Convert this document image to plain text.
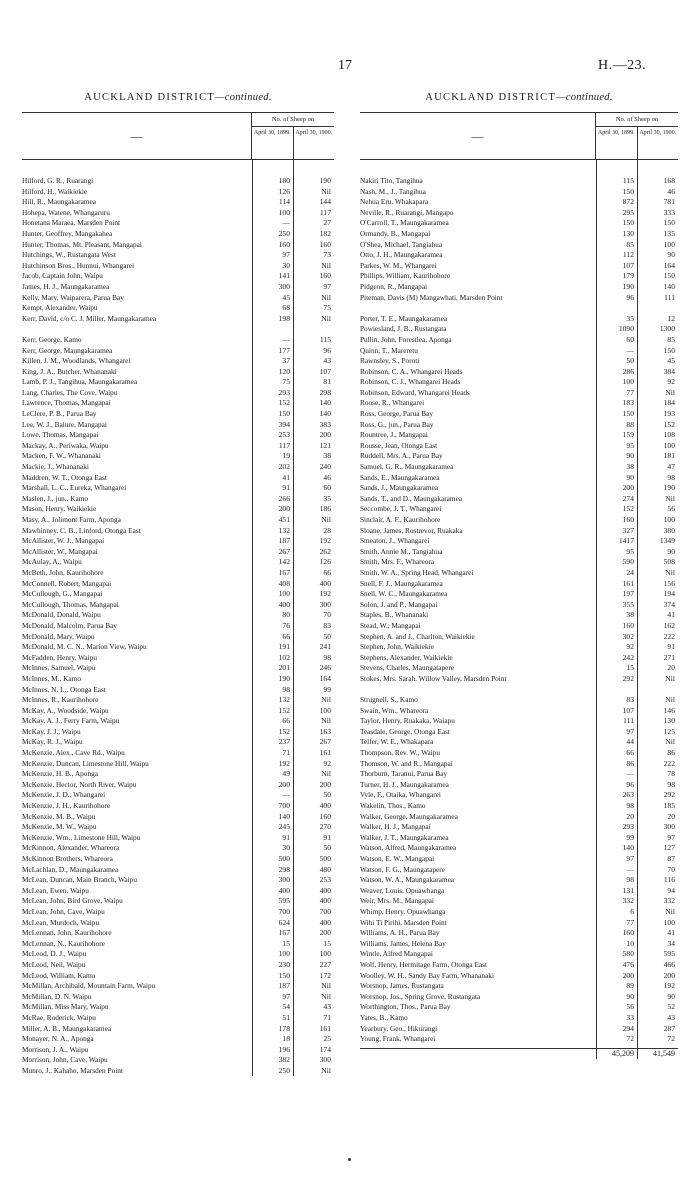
17	H.—23.
AUCKLAND DISTRICT—continued.
—
No. of Sheep on
April 30, 1899. April 30, 1900.
Hilford, G. R., Ruarangi	180	190
Hilford, H., Waikiekie	126	Nil
Hill, R., Maungakaramea	114	144
Hohepa, Watene, Whangaruru	100	117
Honetana Maraea, Marsden Point	—	27
Hunter, Geoffrey, Mangakahea	250	182
Hunter, Thomas, Mt. Pleasant, Mangapai	160	160
Hutchings, W., Rustangata West	97	73
Hutchinson Bros., Hunnui, Whangarei	30	Nil
Jacob, Captain John, Waipu	141	160
James, H. J., Maungakaramea	300	97
Kelly, Mary, Waiparera, Parua Bay	45	Nil
Kempt, Alexander, Waipu	68	75
Kerr, David, c/o C. J. Miller, Maungakaramea	198	Nil
Kerr, George, Kamo	—	115
Kerr, George, Maungakaramea	177	96
Killen, J. M., Woodlands, Whangarei	37	43
King, J. A., Butcher, Whananaki	120	107
Lamb, P. J., Tangihua, Maungakaramea	75	81
Lang, Charles, The Cove, Waipu	293	298
Lawrence, Thomas, Mangapai	152	140
LeClere, P. B., Parua Bay	150	140
Lee, W. J., Balure, Mangapai	394	383
Lowe, Thomas, Mangapai	253	200
Mackay, A., Periwaka, Waipu	117	121
Macken, F. W., Whananaki	19	38
Mackie, J., Whananaki	202	240
Maddren, W. T., Otonga East	41	46
Marshall, L. C., Eureka, Whangarei	91	60
Maslen, J., jun., Kamo	266	35
Mason, Henry, Waikiekie	200	186
Masy, A., Jolimont Farm, Aponga	451	Nil
Mawhinney, C. B., Linford, Otonga East	132	28
McAllister, W. J., Mangapai	187	192
McAllister, W., Mangapai	267	262
McAulay, A., Waipu	142	126
McBeth, John, Kaurihohore	167	66
McConnell, Robert, Mangapai	408	400
McCullough, G., Mangapai	100	192
McCullough, Thomas, Mangapai	400	300
McDonald, Donald, Waipu	80	70
McDonald, Malcolm, Parua Bay	76	83
McDonald, Mary, Waipu	66	50
McDonald, M. C. N., Marion View, Waipu	191	241
McFadden, Henry, Waipu	102	98
McInnes, Samuel, Waipu	201	246
McInnes, M., Kamo	190	164
McInnes, N. L., Otonga East	98	99
McInnes, R., Kaurihohore	132	Nil
McKay, A., Woodside, Waipu	152	100
McKay, A. J., Ferry Farm, Waipu	66	Nil
McKay, J. J., Waipu	152	163
McKay, R. J., Waipu	237	267
McKenzie, Alex., Cave Rd., Waipu	71	161
McKenzie, Duncan, Limestone Hill, Waipu	192	92
McKenzie, H. B., Aponga	49	Nil
McKenzie, Hector, North River, Waipu	200	200
McKenzie, J. D., Whangarei	—	50
McKenzie, J. H., Kaurihohore	700	400
McKenzie, M. B., Waipu	140	160
McKenzie, M. W., Waipu	245	270
McKenzie, Wm., Limestone Hill, Waipu	91	91
McKinnon, Alexander, Whareora	30	50
McKinnon Brothers, Whareora	500	500
McLachlan, D., Maungakaramea	298	480
McLean, Duncan, Main Branch, Waipu	300	253
McLean, Ewen, Waipu	400	400
McLean, John, Bird Grove, Waipu	595	400
McLean, John, Cave, Waipu	700	700
McLean, Murdoch, Waipu	624	400
McLennan, John, Kaurihohore	167	200
McLennan, N., Kaurihohore	15	15
McLeod, D. J., Waipu	100	100
McLeod, Neil, Waipu	230	227
McLeod, William, Kamo	150	172
McMillan, Archibald, Mountain Farm, Waipu	187	Nil
McMillan, D. N. Waipu	97	Nil
McMillan, Miss Mary, Waipu	54	43
McRae, Roderick, Waipu	51	71
Miller, A. B., Maungakaramea	178	161
Monayer, N. A., Aponga	18	25
Morrison, J. A., Waipu	196	174
Morrison, John, Cave, Waipu	382	300
Munro, J., Kahaho, Marsden Point	250	Nil
AUCKLAND DISTRICT—continued.
—
No. of Sheep on
April 30, 1899. April 30, 1900.
Nakiri Tito, Tangihua	115	168
Nash, M., J., Tangihua	150	46
Nehua Eru, Whakapara	872	781
Neville, R., Ruarangi, Mangapo	295	333
O'Carroll, T., Maungakaramea	150	150
Ormandy, B., Mangapai	130	135
O'Shea, Michael, Tangiahua	85	100
Otto, J. H., Maungakaramea	112	90
Parkes, W. M., Whangarei	107	164
Phillips, William, Kaurihohore	179	150
Pidgeon, R., Mangapai	190	140
Piteman, Davis (M) Mangawhati, Marsden Point	96	111
Porter, T. E., Maungakaramea	35	12
Powiesland, J. B., Rustangata	1090	1300
Pullin, John, Forestlea, Aponga	60	85
Quinn, T., Mareretu	—	150
Rawnsley, S., Poroti	50	45
Robinson, C. A., Whangarei Heads	286	384
Robinson, C. J., Whangarei Heads	100	92
Robinson, Edward, Whangarei Heads	77	Nil
Roose, R., Whangarei	183	184
Ross, George, Parua Bay	150	193
Ross, G., jun., Parua Bay	88	152
Rountree, J., Mangapai	159	108
Rousse, Jean, Otonga East	95	100
Ruddell, Mrs. A., Parua Bay	90	181
Samuel, G. R., Maungakaramea	38	47
Sands, E., Maungakaramea	90	98
Sands, J., Maungakaramea	200	190
Sands, T., and D., Maungakaramea	274	Nil
Seccombe, J. T., Whangarei	152	56
Sinclair, A. F., Kaurihohore	160	100
Sloane, James, Rostrevor, Ruakaka	327	380
Smeaton, J., Whangarei	1417	1349
Smith, Annie M., Tangiahua	95	90
Smith, Mrs. F., Whareora	590	508
Smith, W. A., Spring Head, Whangarei	24	Nil
Snell, F. J., Maungakaramea	161	156
Snell, W. C., Maungakaramea	197	194
Solon, J. and P., Mangapai	355	374
Staples, B., Whananaki	38	41
Stead, W., Mangapai	160	162
Stephen, A. and J., Charlton, Waikiekie	302	222
Stephen, John, Waikiekie	92	91
Stephens, Alexander, Waikiekie	242	271
Stevens, Charles, Maungatapere	15	20
Stokes, Mrs. Sarah, Willow Valley, Marsden Point	292	Nil
Strugnell, S., Kamo	83	Nil
Swain, Wm., Whareora	107	146
Taylor, Henry, Ruakaka, Waiapu	111	130
Teasdale, George, Otonga East	97	125
Telfer, W. E., Whakapara	44	Nil
Thompson, Rev. W., Waipu	66	86
Thomson, W. and R., Mangapai	86	222
Thorburn, Taranui, Parua Bay	—	78
Turner, H. J., Maungakaramea	96	98
Vyle, F., Otaika, Whangarei	263	292
Wakelin, Thos., Kamo	98	185
Walker, George, Maungakaramea	20	20
Walker, H. J., Mangapai	293	300
Walker, J. T., Maungakaramea	99	97
Watson, Alfred, Maungakaramea	140	127
Watson, E. W., Mangapai	97	87
Watson, F. G., Maungatapere	—	70
Watson, W. A., Maungakaramea	98	116
Weaver, Louis, Opuawhanga	131	94
Weir, Mrs. M., Mangapai	332	332
Whimp, Henry, Opuawhanga	6	Nil
Wihi Ti Pirihi, Marsden Point	77	100
Williams, A. H., Parua Bay	160	41
Williams, James, Helena Bay	10	34
Wintle, Alfred Mangapai	580	595
Wolf, Henry, Hermitage Farm, Otonga East	476	466
Woolley, W. H., Sandy Bay Farm, Whananaki	200	200
Worsnop, James, Rustangata	89	192
Worsnop, Jos., Spring Grove, Rustangata	90	90
Worthington, Thos., Parua Bay	56	52
Yates, B., Kamo	33	43
Yearbury, Geo., Hikurangi	294	287
Young, Frank, Whangarei	72	72
45,209	41,549
